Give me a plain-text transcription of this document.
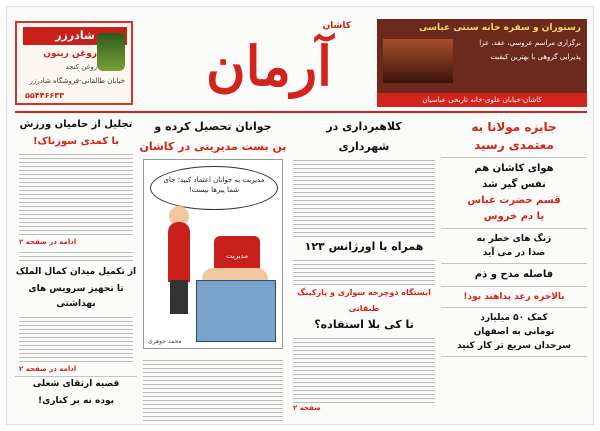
شادرزر
روغن زیتون
روغن کنجد
خیابان طالقانی-فروشگاه شادرزر
۵۵۴۴۶۶۳۳
کاشان
آرمان
رستوران و سفره خانه سنتی عباسی
برگزاری مراسم عروسی، عقد، عزا
پذیرایی گروهی با بهترین کیفیت
کاشان-خیابان علوی-خانه تاریخی عباسیان
جایزه مولانا به
معتمدی رسید
هوای کاشان هم
نفس گیر شد
قسم حضرت عباس
یا دم خروس
زنگ های خطر به
صدا در می آید
فاصله مدح و ذم
بالاخره رعد پداهند بود!
کمک ۵۰ میلیارد
توماني به اصفهان
سرحدان سریع تر کار کنید
کلاهبرداری در
شهرداری
همراه با اورژانس ۱۲۳
ایستگاه دوچرخه سواری و پارکینگ طبقاتی
تا کی بلا استفاده؟
صفحه ۲
جوانان تحصیل کرده و
بن بست مدیریتی در کاشان
مدیریت به جوانان اعتماد کنید؛ جای شما پیرها نیست!
مدیریت
محمد جوهری
تجلیل از حامیان ورزش
با کمدی سوزناک!
ادامه در صفحه ۲
از تکمیل میدان کمال الملک
تا تجهیز سرویس های بهداشتی
ادامه در صفحه ۲
قضیه ارتقای شغلی
بوده نه بر کناری!
